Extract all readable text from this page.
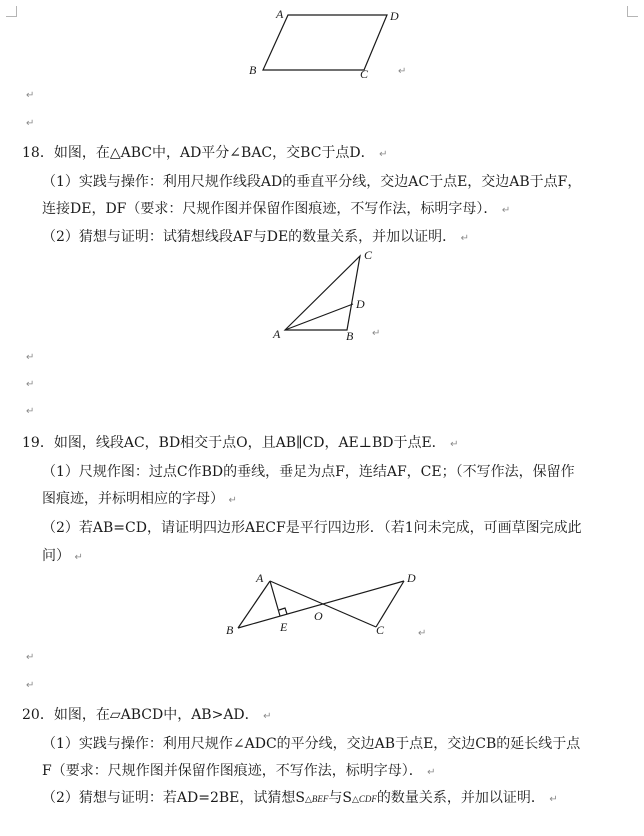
A	D
B	C	↵
↵
↵
18．如图，在△ABC中，AD平分∠BAC，交BC于点D． ↵
（1）实践与操作：利用尺规作线段AD的垂直平分线，交边AC于点E，交边AB于点F，
连接DE，DF（要求：尺规作图并保留作图痕迹，不写作法，标明字母）． ↵
（2）猜想与证明：试猜想线段AF与DE的数量关系，并加以证明． ↵
C
D
A	B ↵
↵
↵
↵
19．如图，线段AC，BD相交于点O，且AB∥CD，AE⊥BD于点E． ↵
（1）尺规作图：过点C作BD的垂线，垂足为点F，连结AF，CE；（不写作法，保留作
图痕迹，并标明相应的字母） ↵
（2）若AB=CD，请证明四边形AECF是平行四边形．（若1问未完成，可画草图完成此
问） ↵
A	D
B	E
O
C	↵
↵
↵
20．如图，在▱ABCD中，AB>AD． ↵
（1）实践与操作：利用尺规作∠ADC的平分线，交边AB于点E，交边CB的延长线于点
F（要求：尺规作图并保留作图痕迹，不写作法，标明字母）． ↵
（2）猜想与证明：若AD=2BE，试猜想S△BEF与S△CDF的数量关系，并加以证明． ↵
